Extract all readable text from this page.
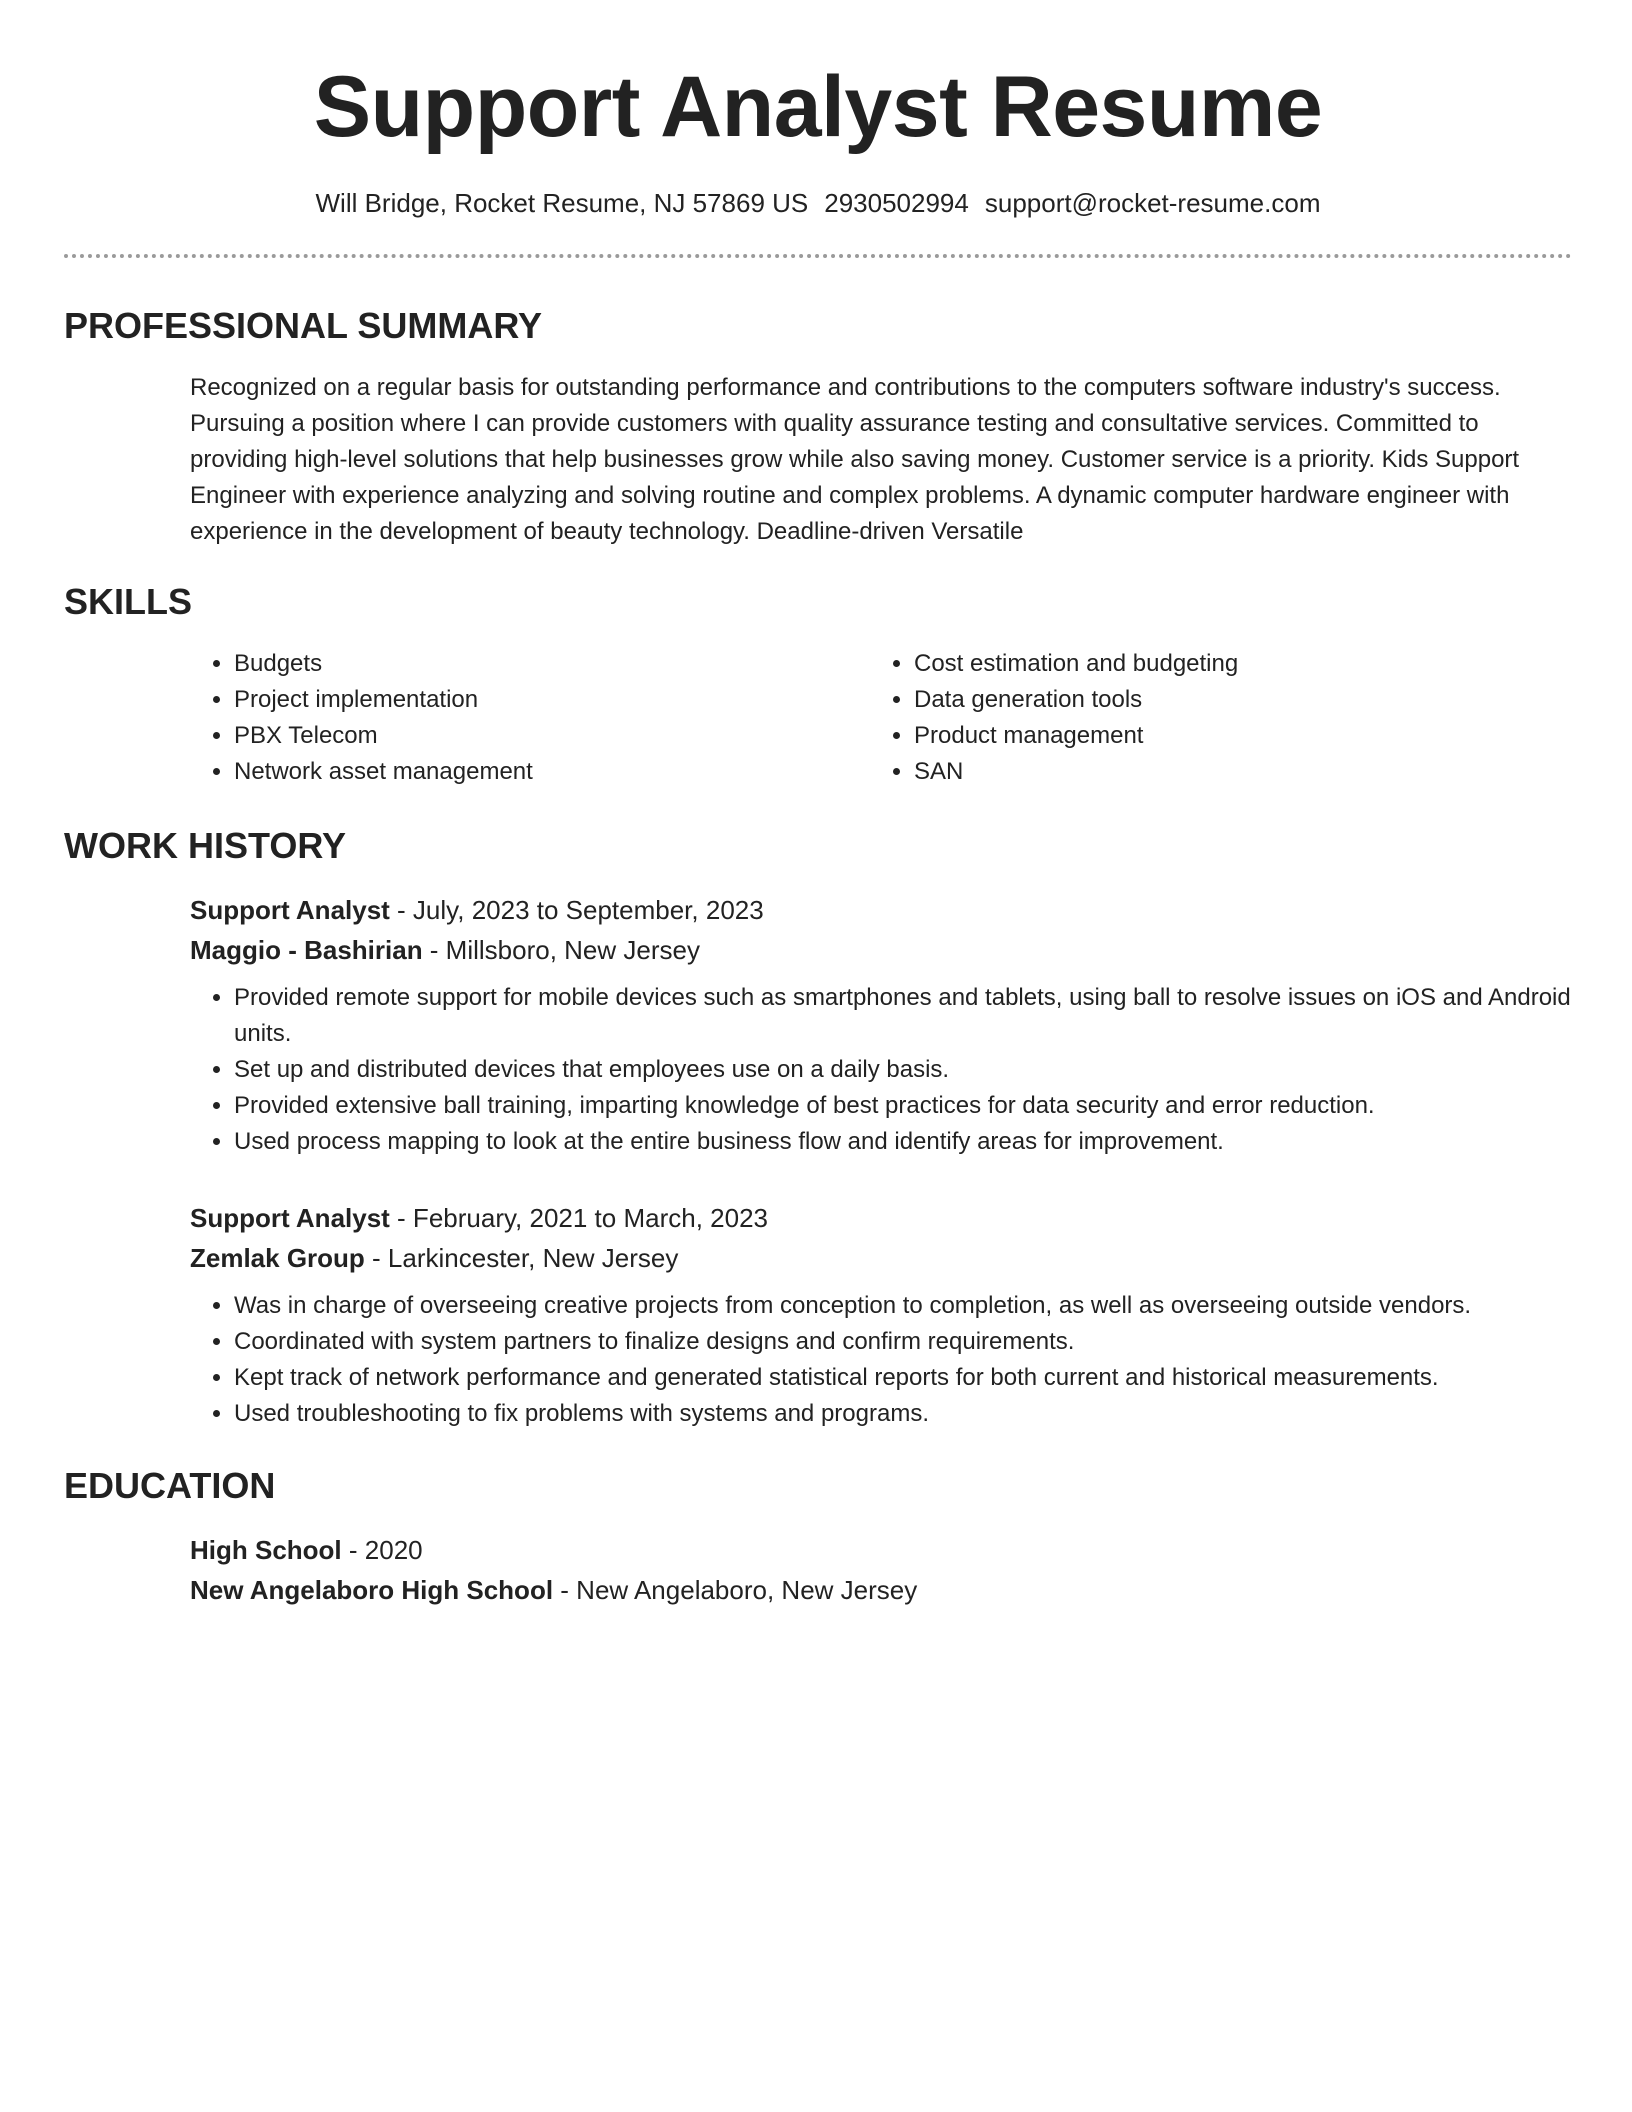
Support Analyst Resume
Will Bridge, Rocket Resume, NJ 57869 US 2930502994 support@rocket-resume.com
PROFESSIONAL SUMMARY
Recognized on a regular basis for outstanding performance and contributions to the computers software industry's success. Pursuing a position where I can provide customers with quality assurance testing and consultative services. Committed to providing high-level solutions that help businesses grow while also saving money. Customer service is a priority. Kids Support Engineer with experience analyzing and solving routine and complex problems. A dynamic computer hardware engineer with experience in the development of beauty technology. Deadline-driven Versatile
SKILLS
• Budgets
• Project implementation
• PBX Telecom
• Network asset management
• Cost estimation and budgeting
• Data generation tools
• Product management
• SAN
WORK HISTORY
Support Analyst - July, 2023 to September, 2023
Maggio - Bashirian - Millsboro, New Jersey
• Provided remote support for mobile devices such as smartphones and tablets, using ball to resolve issues on iOS and Android units.
• Set up and distributed devices that employees use on a daily basis.
• Provided extensive ball training, imparting knowledge of best practices for data security and error reduction.
• Used process mapping to look at the entire business flow and identify areas for improvement.
Support Analyst - February, 2021 to March, 2023
Zemlak Group - Larkincester, New Jersey
• Was in charge of overseeing creative projects from conception to completion, as well as overseeing outside vendors.
• Coordinated with system partners to finalize designs and confirm requirements.
• Kept track of network performance and generated statistical reports for both current and historical measurements.
• Used troubleshooting to fix problems with systems and programs.
EDUCATION
High School - 2020
New Angelaboro High School - New Angelaboro, New Jersey
